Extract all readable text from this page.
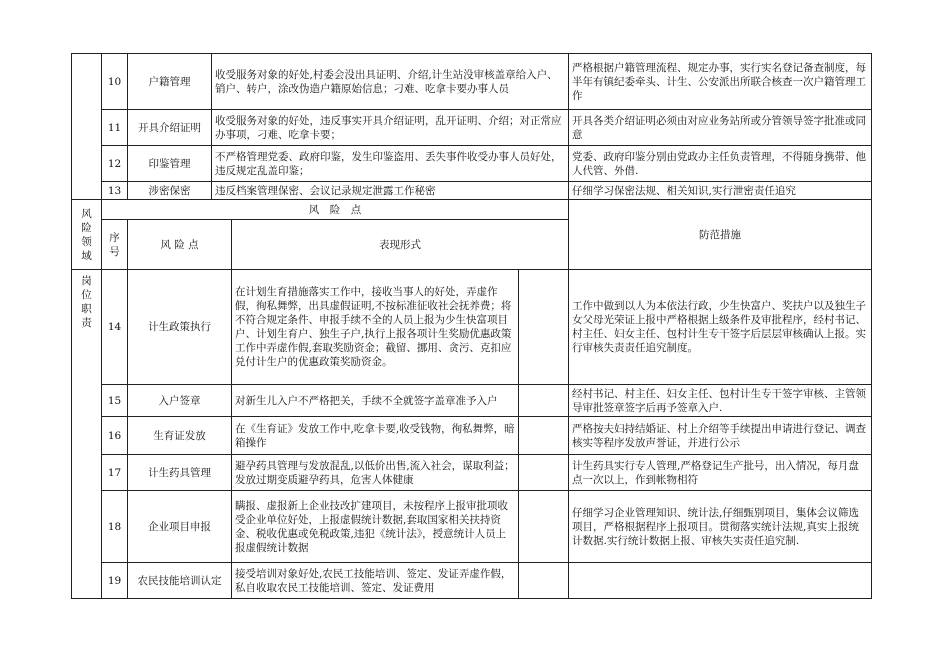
	10	户籍管理	收受服务对象的好处,村委会没出具证明、介绍,计生站没审核盖章给入户、销户、转户，涂改伪造户籍原始信息；刁难、吃拿卡要办事人员			严格根据户籍管理流程、规定办事，实行实名登记备查制度，每半年有镇纪委牵头、计生、公安派出所联合核查一次户籍管理工作	
	11	开具介绍证明	收受服务对象的好处，违反事实开具介绍证明，乱开证明、介绍；对正常应办事项，刁难、吃拿卡要；			开具各类介绍证明必须由对应业务站所或分管领导签字批准或同意	
	12	印鉴管理	不严格管理党委、政府印鉴，发生印鉴盗用、丢失事件收受办事人员好处，违反规定乱盖印鉴；			党委、政府印鉴分别由党政办主任负责管理，不得随身携带、他人代管、外借.	
	13	涉密保密	违反档案管理保密、会议记录规定泄露工作秘密			仔细学习保密法规、相关知识,实行泄密责任追究	

风险领域	风　险　点					防范措施	

	序号	风 险 点		表现形式	

岗位职责	14	计生政策执行		在计划生育措施落实工作中，接收当事人的好处，弄虚作假，徇私舞弊，出具虚假证明,不按标准征收社会抚养费；将不符合规定条件、申报手续不全的人员上报为少生快富项目户、计划生育户、独生子户,执行上报各项计生奖励优惠政策工作中弄虚作假,套取奖励资金；截留、挪用、贪污、克扣应兑付计生户的优惠政策奖励资金。		工作中做到以人为本依法行政，少生快富户、奖扶户以及独生子女父母光荣证上报中严格根据上级条件及审批程序，经村书记、村主任、妇女主任、包村计生专干签字后层层审核确认上报。实行审核失责责任追究制度。	
	15	入户签章		对新生儿入户不严格把关，手续不全就签字盖章准予入户		经村书记、村主任、妇女主任、包村计生专干签字审核、主管领导审批签章签字后再予签章入户.	
	16	生育证发放		在《生育证》发放工作中,吃拿卡要,收受钱物，徇私舞弊，暗箱操作		严格按夫妇持结婚证、村上介绍等手续提出申请进行登记、调查核实等程序发放声誉证，并进行公示	
	17	计生药具管理		避孕药具管理与发放混乱,以低价出售,流入社会，谋取利益；发放过期变质避孕药具，危害人体健康		计生药具实行专人管理,严格登记生产批号，出入情况，每月盘点一次以上，作到帐物相符	
	18	企业项目申报		瞒报、虚报新上企业技改扩建项目，未按程序上报审批项收受企业单位好处，上报虚假统计数据,套取国家相关扶持资金、税收优惠或免税政策,违犯《统计法》，授意统计人员上报虚假统计数据		仔细学习企业管理知识、统计法,仔细甄别项目，集体会议筛选项目，严格根据程序上报项目。贯彻落实统计法规,真实上报统计数据.实行统计数据上报、审核失实责任追究制.	
	19	农民技能培训认定		接受培训对象好处,农民工技能培训、签定、发证弄虚作假，私自收取农民工技能培训、签定、发证费用			
